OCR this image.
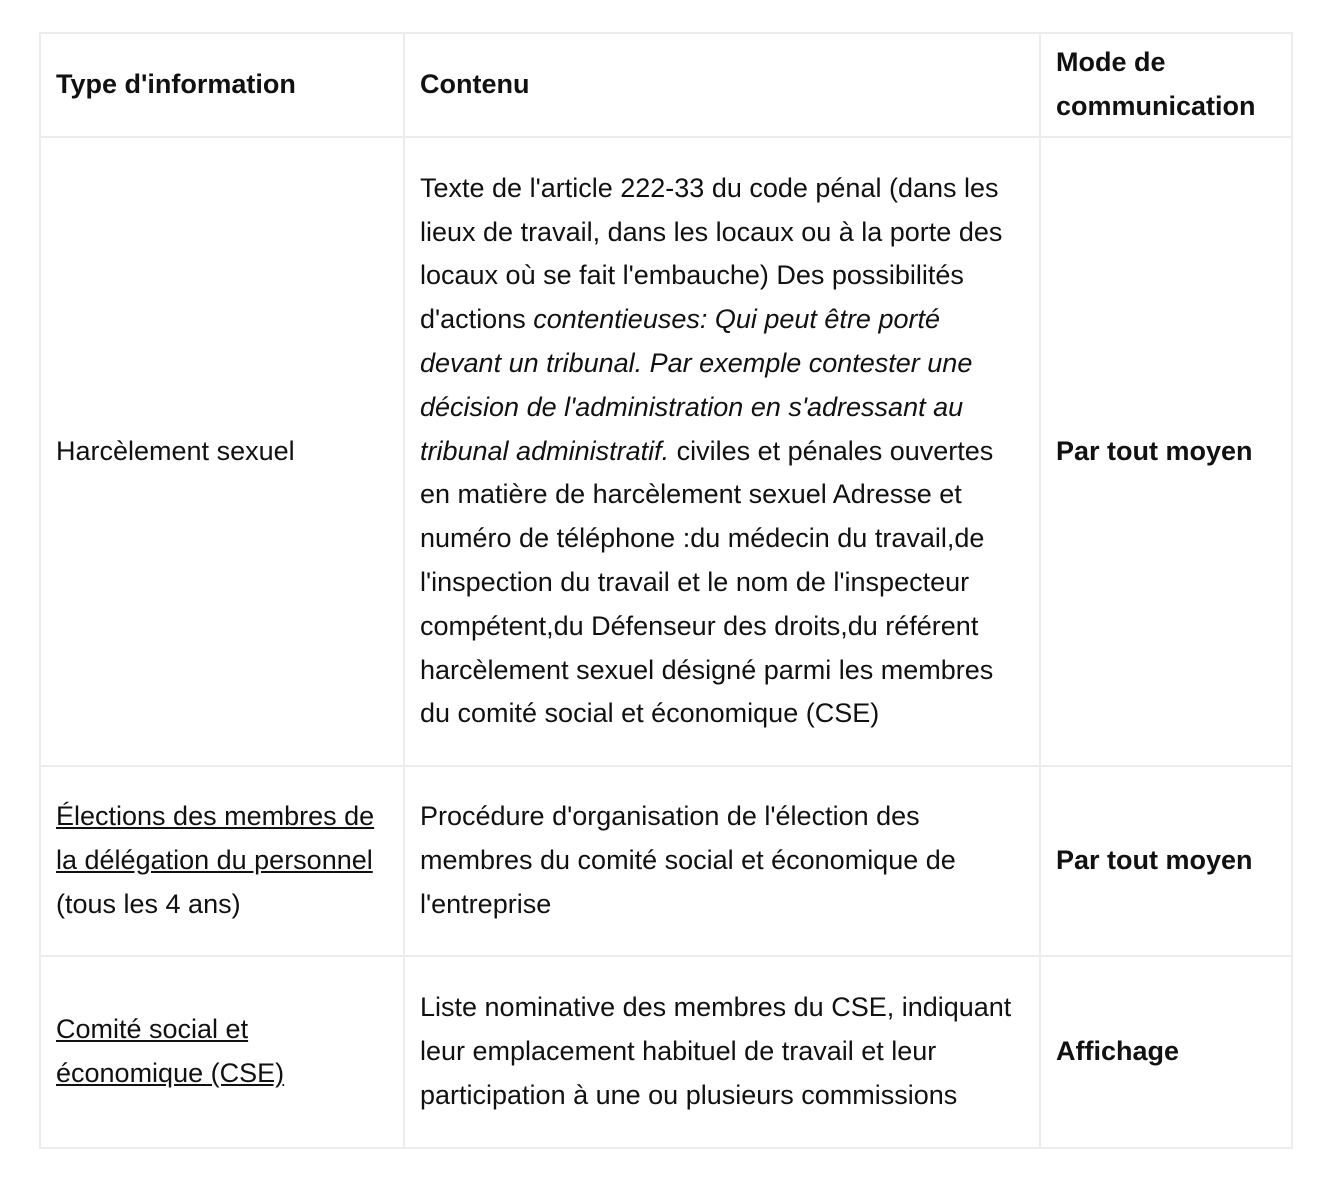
Type d'information	Contenu	Mode de communication
Harcèlement sexuel	Texte de l'article 222-33 du code pénal (dans les lieux de travail, dans les locaux ou à la porte des locaux où se fait l'embauche) Des possibilités d'actions contentieuses: Qui peut être porté devant un tribunal. Par exemple contester une décision de l'administration en s'adressant au tribunal administratif. civiles et pénales ouvertes en matière de harcèlement sexuel Adresse et numéro de téléphone :du médecin du travail,de l'inspection du travail et le nom de l'inspecteur compétent,du Défenseur des droits,du référent harcèlement sexuel désigné parmi les membres du comité social et économique (CSE)	Par tout moyen
Élections des membres de la délégation du personnel (tous les 4 ans)	Procédure d'organisation de l'élection des membres du comité social et économique de l'entreprise	Par tout moyen
Comité social et économique (CSE)	Liste nominative des membres du CSE, indiquant leur emplacement habituel de travail et leur participation à une ou plusieurs commissions	Affichage
